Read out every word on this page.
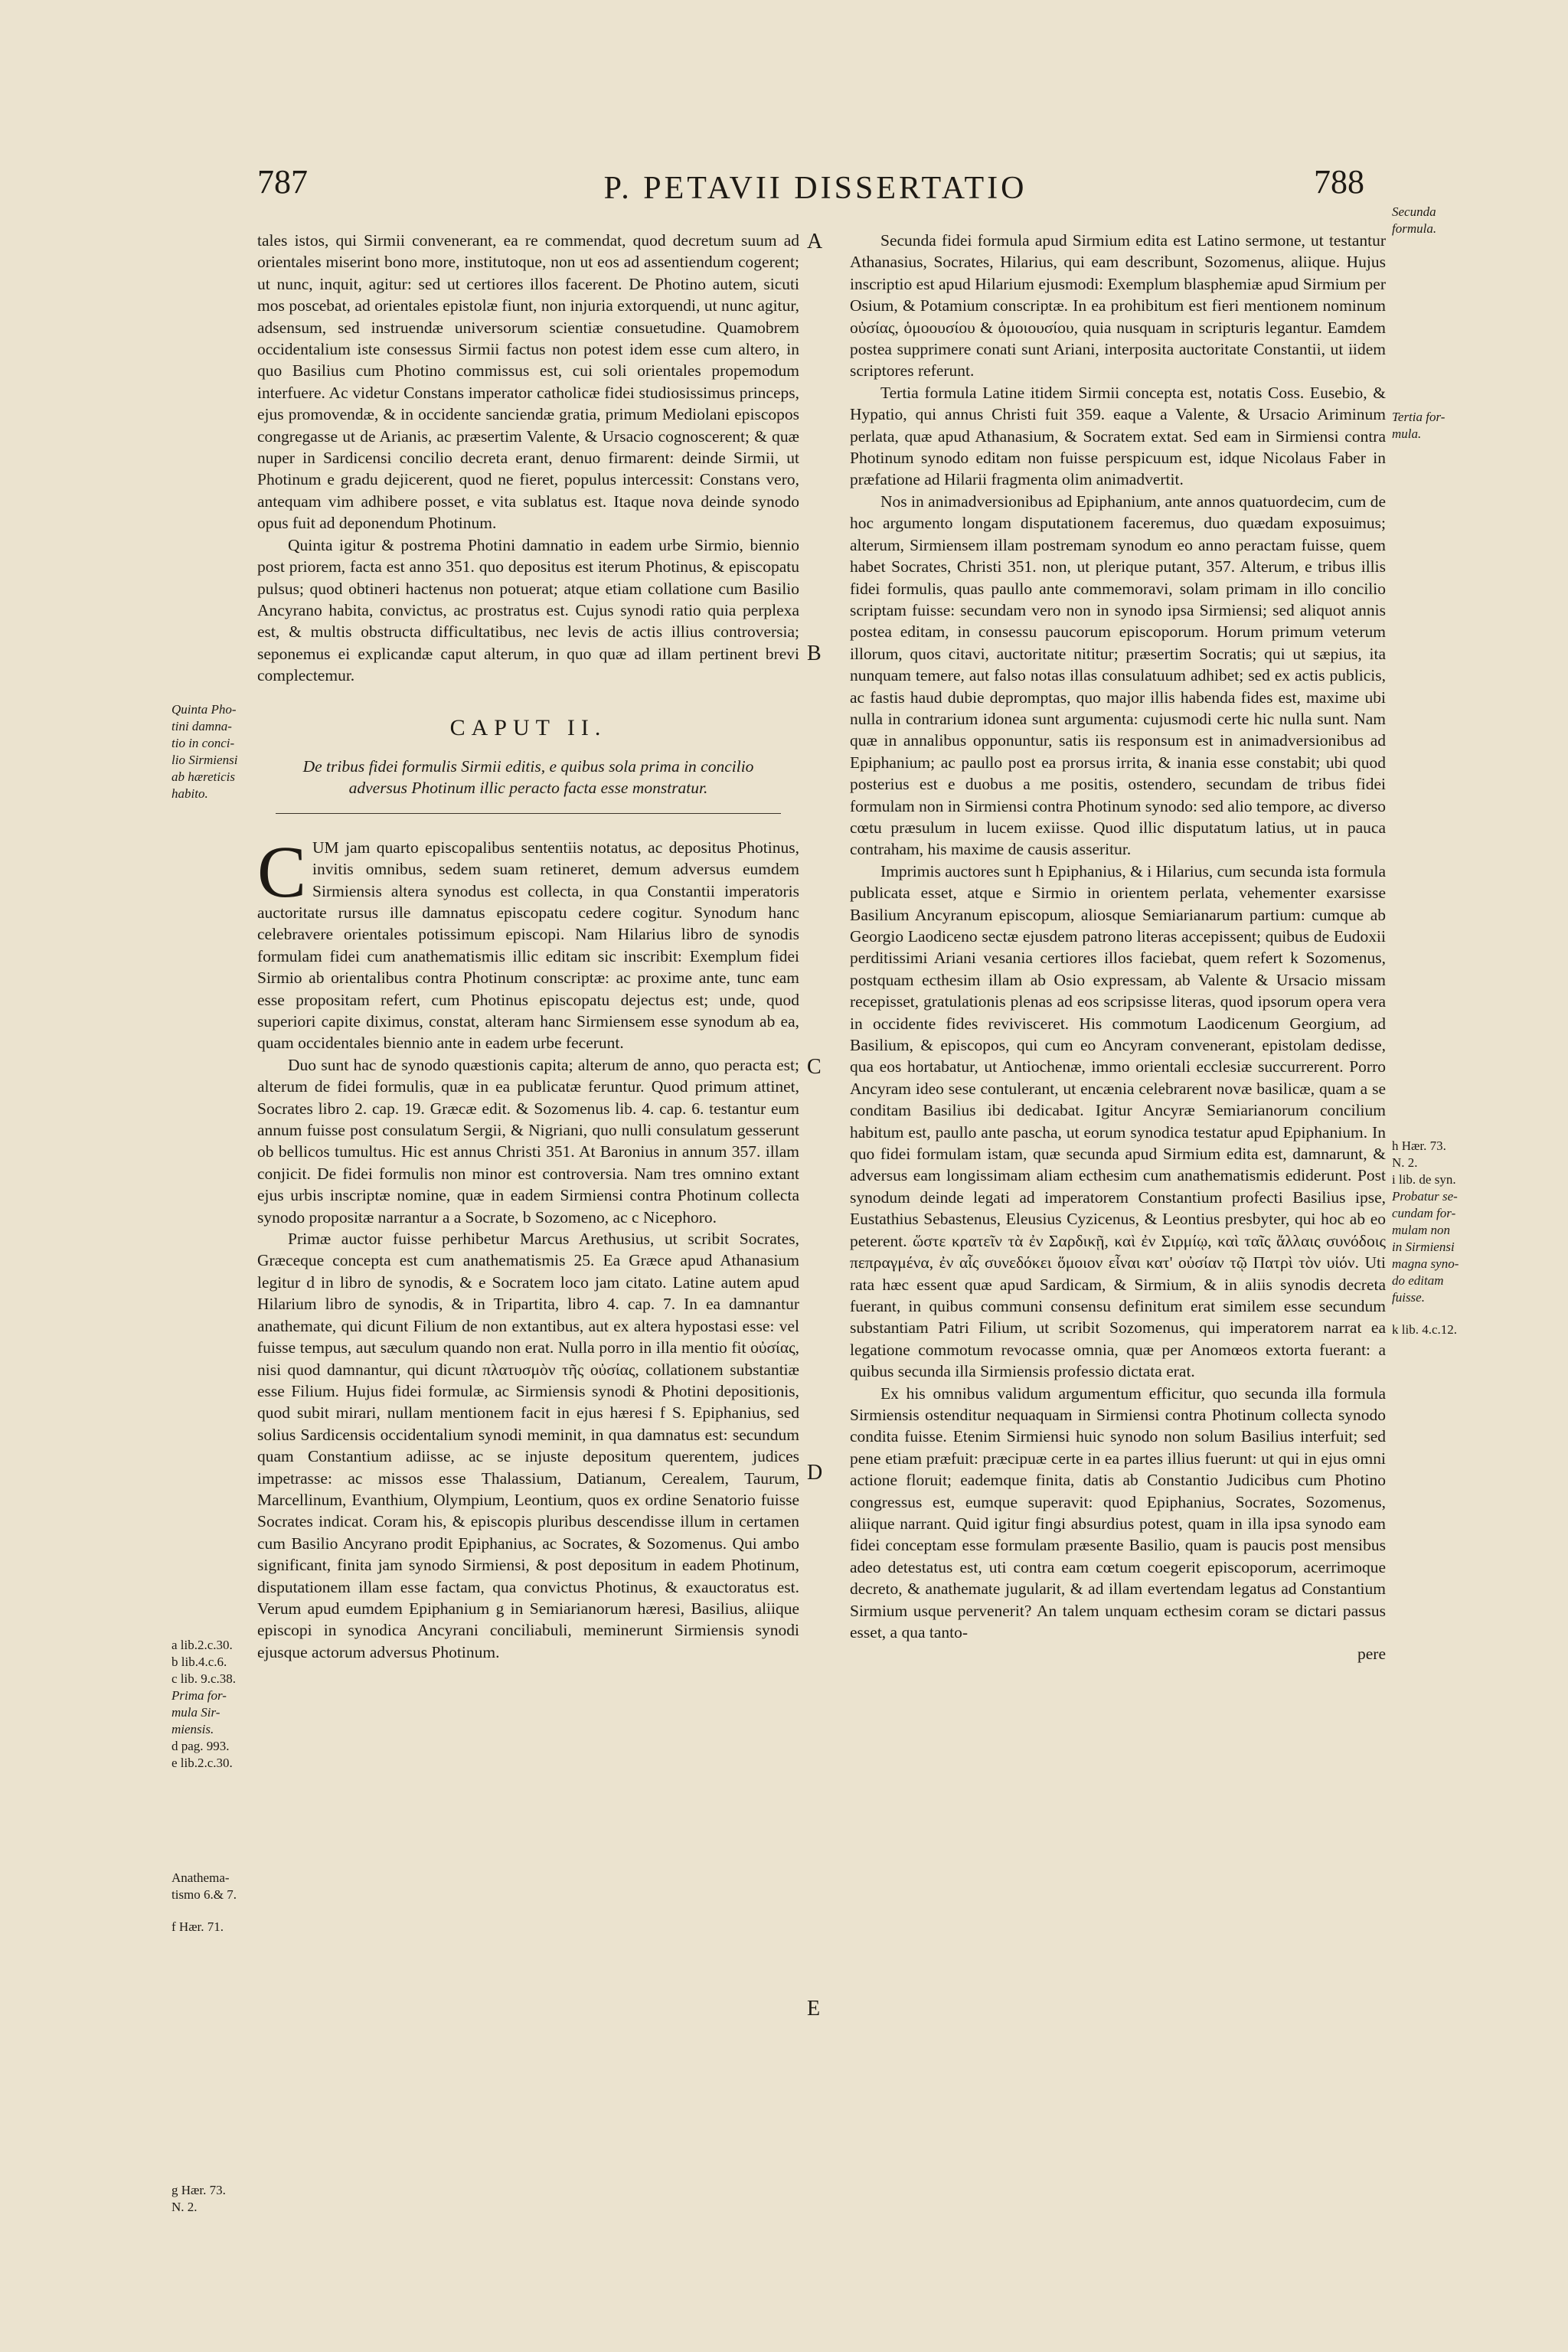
787	P. PETAVII DISSERTATIO	788
A
B
C
D
E

tales istos, qui Sirmii convenerant, ea re commendat, quod decretum suum ad orientales miserint bono more, institutoque, non ut eos ad assentiendum cogerent; ut nunc, inquit, agitur: sed ut certiores illos facerent. De Photino autem, sicuti mos poscebat, ad orientales epistolæ fiunt, non injuria extorquendi, ut nunc agitur, adsensum, sed instruendæ universorum scientiæ consuetudine. Quamobrem occidentalium iste consessus Sirmii factus non potest idem esse cum altero, in quo Basilius cum Photino commissus est, cui soli orientales propemodum interfuere. Ac videtur Constans imperator catholicæ fidei studiosissimus princeps, ejus promovendæ, & in occidente sanciendæ gratia, primum Mediolani episcopos congregasse ut de Arianis, ac præsertim Valente, & Ursacio cognoscerent; & quæ nuper in Sardicensi concilio decreta erant, denuo firmarent: deinde Sirmii, ut Photinum e gradu dejicerent, quod ne fieret, populus intercessit: Constans vero, antequam vim adhibere posset, e vita sublatus est. Itaque nova deinde synodo opus fuit ad deponendum Photinum.

Quinta igitur & postrema Photini damnatio in eadem urbe Sirmio, biennio post priorem, facta est anno 351. quo depositus est iterum Photinus, & episcopatu pulsus; quod obtineri hactenus non potuerat; atque etiam collatione cum Basilio Ancyrano habita, convictus, ac prostratus est. Cujus synodi ratio quia perplexa est, & multis obstructa difficultatibus, nec levis de actis illius controversia; seponemus ei explicandæ caput alterum, in quo quæ ad illam pertinent brevi complectemur.

CAPUT II.
De tribus fidei formulis Sirmii editis, e quibus sola prima in concilio adversus Photinum illic peracto facta esse monstratur.
C UM jam quarto episcopalibus sententiis notatus, ac depositus Photinus, invitis omnibus, sedem suam retineret, demum adversus eumdem Sirmiensis altera synodus est collecta, in qua Constantii imperatoris auctoritate rursus ille damnatus episcopatu cedere cogitur. Synodum hanc celebravere orientales potissimum episcopi. Nam Hilarius libro de synodis formulam fidei cum anathematismis illic editam sic inscribit: Exemplum fidei Sirmio ab orientalibus contra Photinum conscriptæ: ac proxime ante, tunc eam esse propositam refert, cum Photinus episcopatu dejectus est; unde, quod superiori capite diximus, constat, alteram hanc Sirmiensem esse synodum ab ea, quam occidentales biennio ante in eadem urbe fecerunt.

Duo sunt hac de synodo quæstionis capita; alterum de anno, quo peracta est; alterum de fidei formulis, quæ in ea publicatæ feruntur. Quod primum attinet, Socrates libro 2. cap. 19. Græcæ edit. & Sozomenus lib. 4. cap. 6. testantur eum annum fuisse post consulatum Sergii, & Nigriani, quo nulli consulatum gesserunt ob bellicos tumultus. Hic est annus Christi 351. At Baronius in annum 357. illam conjicit. De fidei formulis non minor est controversia. Nam tres omnino extant ejus urbis inscriptæ nomine, quæ in eadem Sirmiensi contra Photinum collecta synodo propositæ narrantur a a Socrate, b Sozomeno, ac c Nicephoro.

Primæ auctor fuisse perhibetur Marcus Arethusius, ut scribit Socrates, Græceque concepta est cum anathematismis 25. Ea Græce apud Athanasium legitur d in libro de synodis, & e Socratem loco jam citato. Latine autem apud Hilarium libro de synodis, & in Tripartita, libro 4. cap. 7. In ea damnantur anathemate, qui dicunt Filium de non extantibus, aut ex altera hypostasi esse: vel fuisse tempus, aut sæculum quando non erat. Nulla porro in illa mentio fit οὐσίας, nisi quod damnantur, qui dicunt πλατυσμὸν τῆς οὐσίας, collationem substantiæ esse Filium. Hujus fidei formulæ, ac Sirmiensis synodi & Photini depositionis, quod subit mirari, nullam mentionem facit in ejus hæresi f S. Epiphanius, sed solius Sardicensis occidentalium synodi meminit, in qua damnatus est: secundum quam Constantium adiisse, ac se injuste depositum querentem, judices impetrasse: ac missos esse Thalassium, Datianum, Cerealem, Taurum, Marcellinum, Evanthium, Olympium, Leontium, quos ex ordine Senatorio fuisse Socrates indicat. Coram his, & episcopis pluribus descendisse illum in certamen cum Basilio Ancyrano prodit Epiphanius, ac Socrates, & Sozomenus. Qui ambo significant, finita jam synodo Sirmiensi, & post depositum in eadem Photinum, disputationem illam esse factam, qua convictus Photinus, & exauctoratus est. Verum apud eumdem Epiphanium g in Semiarianorum hæresi, Basilius, aliique episcopi in synodica Ancyrani conciliabuli, meminerunt Sirmiensis synodi ejusque actorum adversus Photinum.

Secunda fidei formula apud Sirmium edita est Latino sermone, ut testantur Athanasius, Socrates, Hilarius, qui eam describunt, Sozomenus, aliique. Hujus inscriptio est apud Hilarium ejusmodi: Exemplum blasphemiæ apud Sirmium per Osium, & Potamium conscriptæ. In ea prohibitum est fieri mentionem nominum οὐσίας, ὁμοουσίου & ὁμοιουσίου, quia nusquam in scripturis legantur. Eamdem postea supprimere conati sunt Ariani, interposita auctoritate Constantii, ut iidem scriptores referunt.

Tertia formula Latine itidem Sirmii concepta est, notatis Coss. Eusebio, & Hypatio, qui annus Christi fuit 359. eaque a Valente, & Ursacio Ariminum perlata, quæ apud Athanasium, & Socratem extat. Sed eam in Sirmiensi contra Photinum synodo editam non fuisse perspicuum est, idque Nicolaus Faber in præfatione ad Hilarii fragmenta olim animadvertit.

Nos in animadversionibus ad Epiphanium, ante annos quatuordecim, cum de hoc argumento longam disputationem faceremus, duo quædam exposuimus; alterum, Sirmiensem illam postremam synodum eo anno peractam fuisse, quem habet Socrates, Christi 351. non, ut plerique putant, 357. Alterum, e tribus illis fidei formulis, quas paullo ante commemoravi, solam primam in illo concilio scriptam fuisse: secundam vero non in synodo ipsa Sirmiensi; sed aliquot annis postea editam, in consessu paucorum episcoporum. Horum primum veterum illorum, quos citavi, auctoritate nititur; præsertim Socratis; qui ut sæpius, ita nunquam temere, aut falso notas illas consulatuum adhibet; sed ex actis publicis, ac fastis haud dubie depromptas, quo major illis habenda fides est, maxime ubi nulla in contrarium idonea sunt argumenta: cujusmodi certe hic nulla sunt. Nam quæ in annalibus opponuntur, satis iis responsum est in animadversionibus ad Epiphanium; ac paullo post ea prorsus irrita, & inania esse constabit; ubi quod posterius est e duobus a me positis, ostendero, secundam de tribus fidei formulam non in Sirmiensi contra Photinum synodo: sed alio tempore, ac diverso cœtu præsulum in lucem exiisse. Quod illic disputatum latius, ut in pauca contraham, his maxime de causis asseritur.

Imprimis auctores sunt h Epiphanius, & i Hilarius, cum secunda ista formula publicata esset, atque e Sirmio in orientem perlata, vehementer exarsisse Basilium Ancyranum episcopum, aliosque Semiarianarum partium: cumque ab Georgio Laodiceno sectæ ejusdem patrono literas accepissent; quibus de Eudoxii perditissimi Ariani vesania certiores illos faciebat, quem refert k Sozomenus, postquam ecthesim illam ab Osio expressam, ab Valente & Ursacio missam recepisset, gratulationis plenas ad eos scripsisse literas, quod ipsorum opera vera in occidente fides revivisceret. His commotum Laodicenum Georgium, ad Basilium, & episcopos, qui cum eo Ancyram convenerant, epistolam dedisse, qua eos hortabatur, ut Antiochenæ, immo orientali ecclesiæ succurrerent. Porro Ancyram ideo sese contulerant, ut encænia celebrarent novæ basilicæ, quam a se conditam Basilius ibi dedicabat. Igitur Ancyræ Semiarianorum concilium habitum est, paullo ante pascha, ut eorum synodica testatur apud Epiphanium. In quo fidei formulam istam, quæ secunda apud Sirmium edita est, damnarunt, & adversus eam longissimam aliam ecthesim cum anathematismis ediderunt. Post synodum deinde legati ad imperatorem Constantium profecti Basilius ipse, Eustathius Sebastenus, Eleusius Cyzicenus, & Leontius presbyter, qui hoc ab eo peterent. ὥστε κρατεῖν τὰ ἐν Σαρδικῇ, καὶ ἐν Σιρμίῳ, καὶ ταῖς ἄλλαις συνόδοις πεπραγμένα, ἐν αἷς συνεδόκει ὅμοιον εἶναι κατ' οὐσίαν τῷ Πατρὶ τὸν υἱόν. Uti rata hæc essent quæ apud Sardicam, & Sirmium, & in aliis synodis decreta fuerant, in quibus communi consensu definitum erat similem esse secundum substantiam Patri Filium, ut scribit Sozomenus, qui imperatorem narrat ea legatione commotum revocasse omnia, quæ per Anomœos extorta fuerant: a quibus secunda illa Sirmiensis professio dictata erat.

Ex his omnibus validum argumentum efficitur, quo secunda illa formula Sirmiensis ostenditur nequaquam in Sirmiensi contra Photinum collecta synodo condita fuisse. Etenim Sirmiensi huic synodo non solum Basilius interfuit; sed pene etiam præfuit: præcipuæ certe in ea partes illius fuerunt: ut qui in ejus omni actione floruit; eademque finita, datis ab Constantio Judicibus cum Photino congressus est, eumque superavit: quod Epiphanius, Socrates, Sozomenus, aliique narrant. Quid igitur fingi absurdius potest, quam in illa ipsa synodo eam fidei conceptam esse formulam præsente Basilio, quam is paucis post mensibus adeo detestatus est, uti contra eam cœtum coegerit episcoporum, acerrimoque decreto, & anathemate jugularit, & ad illam evertendam legatus ad Constantium Sirmium usque pervenerit? An talem unquam ecthesim coram se dictari passus esset, a qua tanto-

pere

Quinta Pho-
tini damna-
tio in conci-
lio Sirmiensi
ab hæreticis
habito.
a lib.2.c.30.
b lib.4.c.6.
c lib. 9.c.38.
Prima for-
mula Sir-
miensis.
d pag. 993.
e lib.2.c.30.
Anathema-
tismo 6.& 7.
f Hær. 71.
g Hær. 73.
N. 2.
Secunda
formula.
Tertia for-
mula.
h Hær. 73.
N. 2.
i lib. de syn.
Probatur se-
cundam for-
mulam non
in Sirmiensi
magna syno-
do editam
fuisse.
k lib. 4.c.12.
